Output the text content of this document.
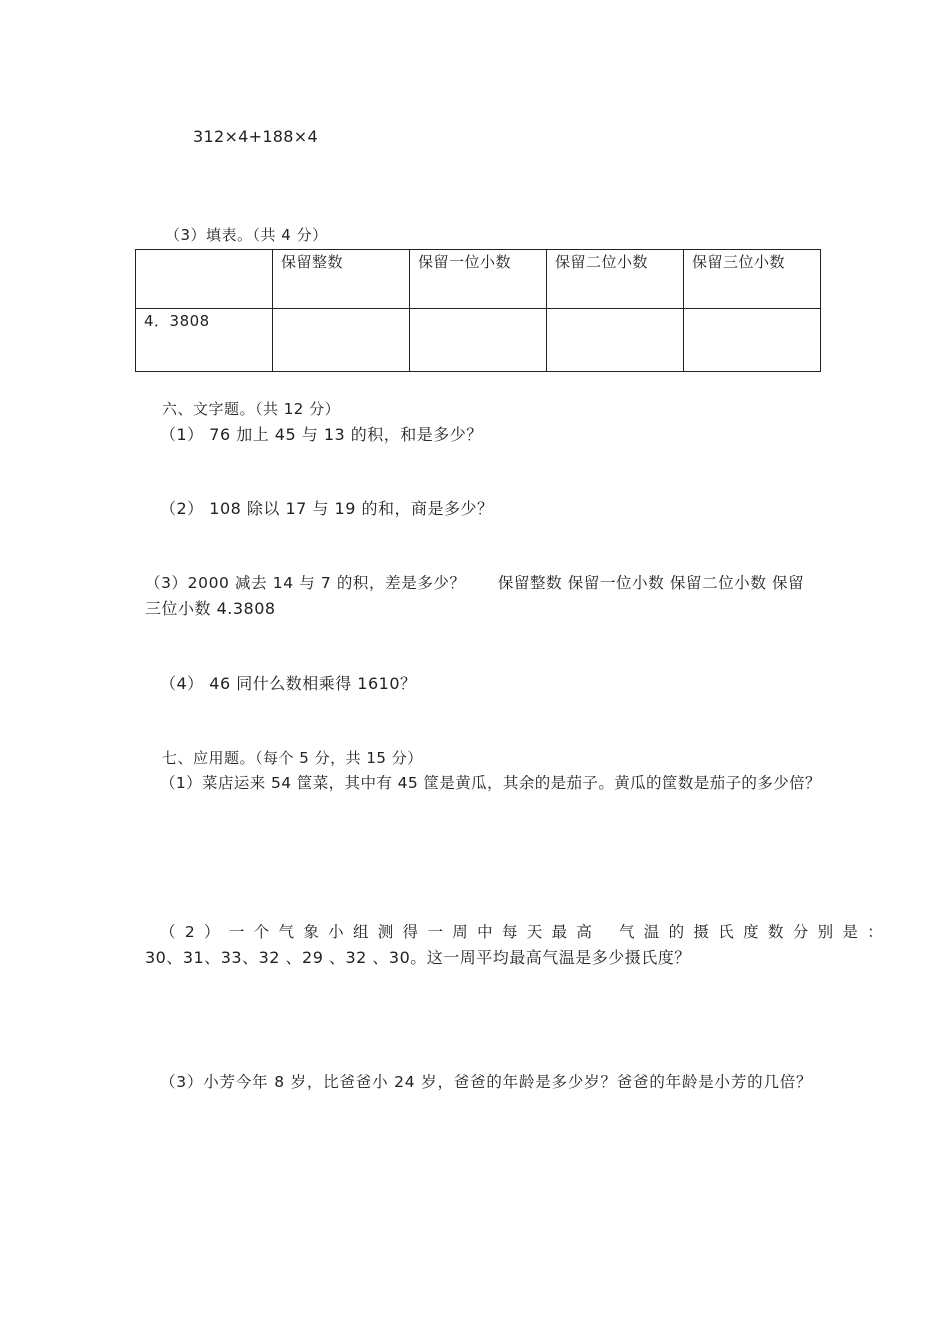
312×4+188×4
（3）填表。（共 4 分）
	保留整数	保留一位小数	保留二位小数	保留三位小数
4．3808				
六、文字题。（共 12 分）
（1） 76 加上 45 与 13 的积，和是多少？
（2） 108 除以 17 与 19 的和，商是多少？
（3）2000 减去 14 与 7 的积，差是多少？　　保留整数 保留一位小数 保留二位小数 保留
三位小数 4.3808
（4） 46 同什么数相乘得 1610？
七、应用题。（每个 5 分，共 15 分）
（1）菜店运来 54 筐菜，其中有 45 筐是黄瓜，其余的是茄子。黄瓜的筐数是茄子的多少倍？
（ 2 ） 一 个 气 象 小 组 测 得 一 周 中 每 天 最 高　 气 温 的 摄 氏 度 数 分 别 是 ：
30、31、33、32 、29 、32 、30。这一周平均最高气温是多少摄氏度？
（3）小芳今年 8 岁，比爸爸小 24 岁，爸爸的年龄是多少岁？爸爸的年龄是小芳的几倍？
